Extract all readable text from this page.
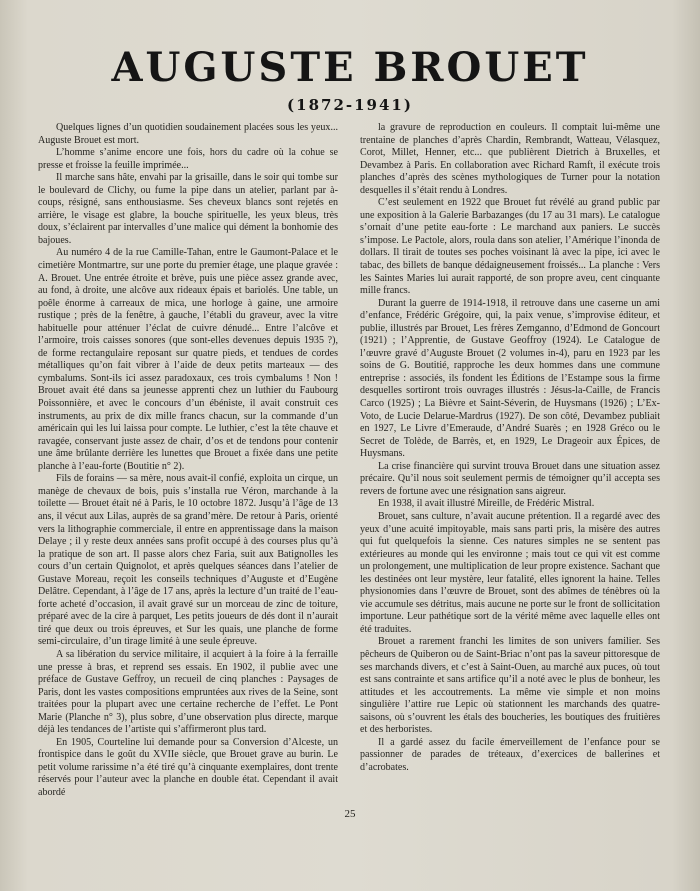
AUGUSTE BROUET
(1872-1941)

Quelques lignes d’un quotidien soudainement placées sous les yeux... Auguste Brouet est mort.

L’homme s’anime encore une fois, hors du cadre où la cohue se presse et froisse la feuille imprimée...

Il marche sans hâte, envahi par la grisaille, dans le soir qui tombe sur le boulevard de Clichy, ou fume la pipe dans un atelier, parlant par à-coups, résigné, sans enthousiasme. Ses cheveux blancs sont rejetés en arrière, le visage est glabre, la bouche spirituelle, les yeux bleus, très doux, s’éclairent par intervalles d’une malice qui dément la bonhomie des bajoues.

Au numéro 4 de la rue Camille-Tahan, entre le Gaumont-Palace et le cimetière Montmartre, sur une porte du premier étage, une plaque gravée : A. Brouet. Une entrée étroite et brève, puis une pièce assez grande avec, au fond, à droite, une alcôve aux rideaux épais et bariolés. Une table, un poêle énorme à carreaux de mica, une horloge à gaine, une armoire rustique ; près de la fenêtre, à gauche, l’établi du graveur, avec la vitre habituelle pour atténuer l’éclat de cuivre dénudé... Entre l’alcôve et l’armoire, trois caisses sonores (que sont-elles devenues depuis 1935 ?), de forme rectangulaire reposant sur quatre pieds, et tendues de cordes métalliques qu’on fait vibrer à l’aide de deux petits marteaux — des cymbalums. Sont-ils ici assez paradoxaux, ces trois cymbalums ! Non ! Brouet avait été dans sa jeunesse apprenti chez un luthier du Faubourg Poissonnière, et avec le concours d’un ébéniste, il avait construit ces instruments, au prix de dix mille francs chacun, sur la commande d’un américain qui les lui laissa pour compte. Le luthier, c’est la tête chauve et ravagée, conservant juste assez de chair, d’os et de tendons pour contenir une âme brûlante derrière les lunettes que Brouet a fixée dans une petite planche à l’eau-forte (Boutitie n° 2).

Fils de forains — sa mère, nous avait-il confié, exploita un cirque, un manège de chevaux de bois, puis s’installa rue Véron, marchande à la toilette — Brouet était né à Paris, le 10 octobre 1872. Jusqu’à l’âge de 13 ans, il vécut aux Lilas, auprès de sa grand’mère. De retour à Paris, orienté vers la lithographie commerciale, il entre en apprentissage dans la maison Delaye ; il y reste deux années sans profit occupé à des courses plus qu’à la pratique de son art. Il passe alors chez Faria, suit aux Batignolles les cours d’un certain Quignolot, et après quelques séances dans l’atelier de Gustave Moreau, reçoit les conseils techniques d’Auguste et d’Eugène Delâtre. Cependant, à l’âge de 17 ans, après la lecture d’un traité de l’eau-forte acheté d’occasion, il avait gravé sur un morceau de zinc de toiture, préparé avec de la cire à parquet, Les petits joueurs de dés dont il n’aurait tiré que deux ou trois épreuves, et Sur les quais, une planche de forme semi-circulaire, d’un tirage limité à une seule épreuve.

A sa libération du service militaire, il acquiert à la foire à la ferraille une presse à bras, et reprend ses essais. En 1902, il publie avec une préface de Gustave Geffroy, un recueil de cinq planches : Paysages de Paris, dont les vastes compositions empruntées aux rives de la Seine, sont traitées pour la plupart avec une certaine recherche de l’effet. Le Pont Marie (Planche n° 3), plus sobre, d’une observation plus directe, marque déjà les tendances de l’artiste qui s’affirmeront plus tard.

En 1905, Courteline lui demande pour sa Conversion d’Alceste, un frontispice dans le goût du XVIIe siècle, que Brouet grave au burin. Le petit volume rarissime n’a été tiré qu’à cinquante exemplaires, dont trente réservés pour l’auteur avec la planche en double état. Cependant il avait abordé

la gravure de reproduction en couleurs. Il comptait lui-même une trentaine de planches d’après Chardin, Rembrandt, Watteau, Vélasquez, Corot, Millet, Henner, etc... que publièrent Dietrich à Bruxelles, et Devambez à Paris. En collaboration avec Richard Ramft, il exécute trois planches d’après des scènes mythologiques de Turner pour la notation desquelles il s’était rendu à Londres.

C’est seulement en 1922 que Brouet fut révélé au grand public par une exposition à la Galerie Barbazanges (du 17 au 31 mars). Le catalogue s’ornait d’une petite eau-forte : Le marchand aux paniers. Le succès s’impose. Le Pactole, alors, roula dans son atelier, l’Amérique l’inonda de dollars. Il tirait de toutes ses poches voisinant là avec la pipe, ici avec le tabac, des billets de banque dédaigneusement froissés... La planche : Vers les Saintes Maries lui aurait rapporté, de son propre aveu, cent cinquante mille francs.

Durant la guerre de 1914-1918, il retrouve dans une caserne un ami d’enfance, Frédéric Grégoire, qui, la paix venue, s’improvise éditeur, et publie, illustrés par Brouet, Les frères Zemganno, d’Edmond de Goncourt (1921) ; l’Apprentie, de Gustave Geoffroy (1924). Le Catalogue de l’œuvre gravé d’Auguste Brouet (2 volumes in-4), paru en 1923 par les soins de G. Boutitié, rapproche les deux hommes dans une commune entreprise : associés, ils fondent les Éditions de l’Estampe sous la firme desquelles sortiront trois ouvrages illustrés : Jésus-la-Caille, de Francis Carco (1925) ; La Bièvre et Saint-Séverin, de Huysmans (1926) ; L’Ex-Voto, de Lucie Delarue-Mardrus (1927). De son côté, Devambez publiait en 1927, Le Livre d’Emeraude, d’André Suarès ; en 1928 Gréco ou le Secret de Tolède, de Barrès, et, en 1929, Le Drageoir aux Épices, de Huysmans.

La crise financière qui survint trouva Brouet dans une situation assez précaire. Qu’il nous soit seulement permis de témoigner qu’il accepta ses revers de fortune avec une résignation sans aigreur.

En 1938, il avait illustré Mireille, de Frédéric Mistral.

Brouet, sans culture, n’avait aucune prétention. Il a regardé avec des yeux d’une acuité impitoyable, mais sans parti pris, la misère des autres qui fut quelquefois la sienne. Ces natures simples ne se sentent pas extérieures au monde qui les environne ; mais tout ce qui vit est comme un prolongement, une multiplication de leur propre existence. Sachant que les destinées ont leur mystère, leur fatalité, elles ignorent la haine. Telles physionomies dans l’œuvre de Brouet, sont des abîmes de ténèbres où la vie accumule ses détritus, mais aucune ne porte sur le front de sollicitation importune. Leur pathétique sort de la vérité même avec laquelle elles ont été traduites.

Brouet a rarement franchi les limites de son univers familier. Ses pêcheurs de Quiberon ou de Saint-Briac n’ont pas la saveur pittoresque de ses marchands divers, et c’est à Saint-Ouen, au marché aux puces, où tout est sans contrainte et sans artifice qu’il a noté avec le plus de bonheur, les attitudes et les accoutrements. La même vie simple et non moins singulière l’attire rue Lepic où stationnent les marchands des quatre-saisons, où s’ouvrent les étals des boucheries, les boutiques des fruitières et des herboristes.

Il a gardé assez du facile émerveillement de l’enfance pour se passionner de parades de tréteaux, d’exercices de ballerines et d’acrobates.

25
